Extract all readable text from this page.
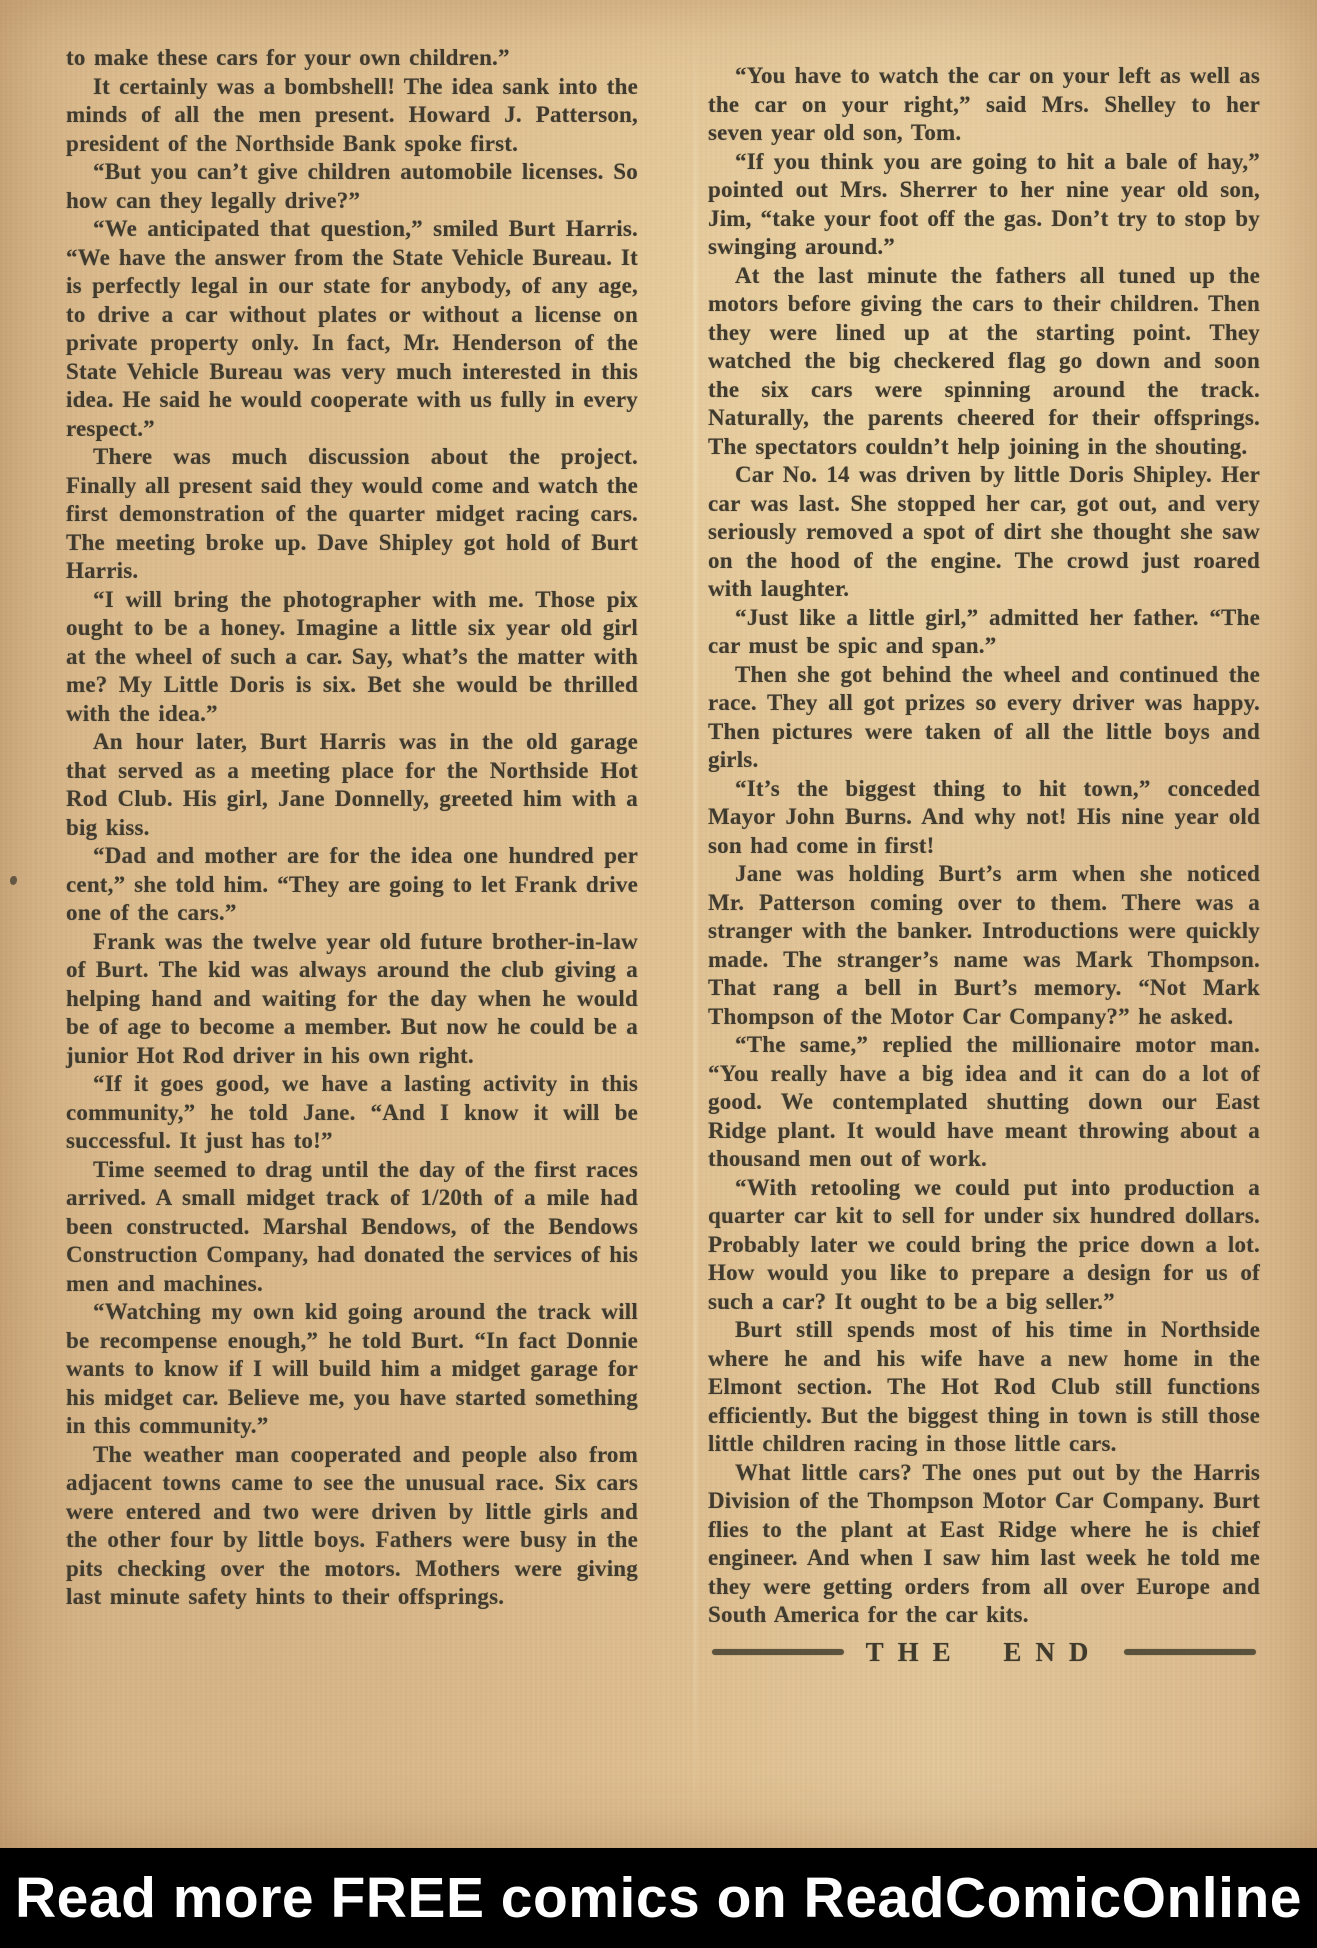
to make these cars for your own children.”

It certainly was a bombshell! The idea sank into the minds of all the men present. Howard J. Patterson, president of the Northside Bank spoke first.

“But you can’t give children automobile licenses. So how can they legally drive?”

“We anticipated that question,” smiled Burt Harris. “We have the answer from the State Vehicle Bureau. It is perfectly legal in our state for anybody, of any age, to drive a car without plates or without a license on private property only. In fact, Mr. Henderson of the State Vehicle Bureau was very much interested in this idea. He said he would cooperate with us fully in every respect.”

There was much discussion about the project. Finally all present said they would come and watch the first demonstration of the quarter midget racing cars. The meeting broke up. Dave Shipley got hold of Burt Harris.

“I will bring the photographer with me. Those pix ought to be a honey. Imagine a little six year old girl at the wheel of such a car. Say, what’s the matter with me? My Little Doris is six. Bet she would be thrilled with the idea.”

An hour later, Burt Harris was in the old garage that served as a meeting place for the Northside Hot Rod Club. His girl, Jane Donnelly, greeted him with a big kiss.

“Dad and mother are for the idea one hundred per cent,” she told him. “They are going to let Frank drive one of the cars.”

Frank was the twelve year old future brother-in-law of Burt. The kid was always around the club giving a helping hand and waiting for the day when he would be of age to become a member. But now he could be a junior Hot Rod driver in his own right.

“If it goes good, we have a lasting activity in this community,” he told Jane. “And I know it will be successful. It just has to!”

Time seemed to drag until the day of the first races arrived. A small midget track of 1/20th of a mile had been constructed. Marshal Bendows, of the Bendows Construction Company, had donated the services of his men and machines.

“Watching my own kid going around the track will be recompense enough,” he told Burt. “In fact Donnie wants to know if I will build him a midget garage for his midget car. Believe me, you have started something in this community.”

The weather man cooperated and people also from adjacent towns came to see the unusual race. Six cars were entered and two were driven by little girls and the other four by little boys. Fathers were busy in the pits checking over the motors. Mothers were giving last minute safety hints to their offsprings.

“You have to watch the car on your left as well as the car on your right,” said Mrs. Shelley to her seven year old son, Tom.

“If you think you are going to hit a bale of hay,” pointed out Mrs. Sherrer to her nine year old son, Jim, “take your foot off the gas. Don’t try to stop by swinging around.”

At the last minute the fathers all tuned up the motors before giving the cars to their children. Then they were lined up at the starting point. They watched the big checkered flag go down and soon the six cars were spinning around the track. Naturally, the parents cheered for their offsprings. The spectators couldn’t help joining in the shouting.

Car No. 14 was driven by little Doris Shipley. Her car was last. She stopped her car, got out, and very seriously removed a spot of dirt she thought she saw on the hood of the engine. The crowd just roared with laughter.

“Just like a little girl,” admitted her father. “The car must be spic and span.”

Then she got behind the wheel and continued the race. They all got prizes so every driver was happy. Then pictures were taken of all the little boys and girls.

“It’s the biggest thing to hit town,” conceded Mayor John Burns. And why not! His nine year old son had come in first!

Jane was holding Burt’s arm when she noticed Mr. Patterson coming over to them. There was a stranger with the banker. Introductions were quickly made. The stranger’s name was Mark Thompson. That rang a bell in Burt’s memory. “Not Mark Thompson of the Motor Car Company?” he asked.

“The same,” replied the millionaire motor man. “You really have a big idea and it can do a lot of good. We contemplated shutting down our East Ridge plant. It would have meant throwing about a thousand men out of work.

“With retooling we could put into production a quarter car kit to sell for under six hundred dollars. Probably later we could bring the price down a lot. How would you like to prepare a design for us of such a car? It ought to be a big seller.”

Burt still spends most of his time in Northside where he and his wife have a new home in the Elmont section. The Hot Rod Club still functions efficiently. But the biggest thing in town is still those little children racing in those little cars.

What little cars? The ones put out by the Harris Division of the Thompson Motor Car Company. Burt flies to the plant at East Ridge where he is chief engineer. And when I saw him last week he told me they were getting orders from all over Europe and South America for the car kits.

THE END
Read more FREE comics on ReadComicOnline
